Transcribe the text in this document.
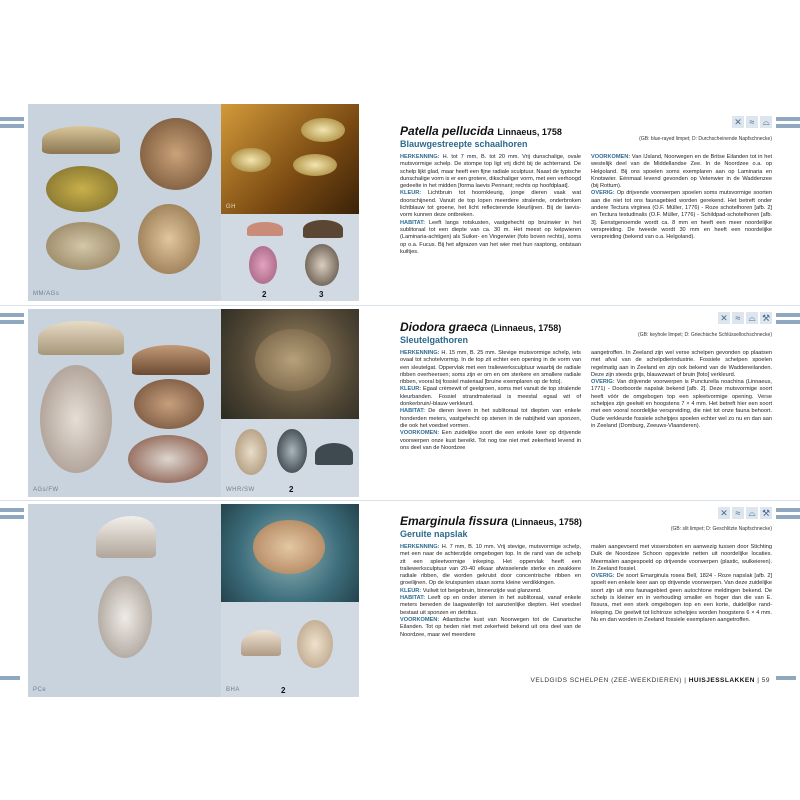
MM/AGs
GH
2	3
AGs/FW	2
WHR/SW
PCe	2
BHA
✕ ≈ ⌓
Patella pellucida Linnaeus, 1758
Blauwgestreepte schaalhoren	(GB: blue-rayed limpet; D: Durchscheinende Napfschnecke)

HERKENNING: H. tot 7 mm, B. tot 20 mm. Vrij dunschalige, ovale mutsvormige schelp. De stompe top ligt vrij dicht bij de achterrand. De schelp lijkt glad, maar heeft een fijne radiale sculptuur. Naast de typische dunschalige vorm is er een grotere, dikschaliger vorm, met een verhoogd gedeelte in het midden [forma laevis Pennant; rechts op hoofdplaat].

KLEUR: Lichtbruin tot hoornkleurig, jonge dieren vaak wat doorschijnend. Vanuit de top lopen meerdere stralende, onderbroken lichtblauw tot groene, het licht reflecterende kleurlijnen. Bij de laevis-vorm kunnen deze ontbreken.

HABITAT: Leeft langs rotskusten, vastgehecht op bruinwier in het sublitoraal tot een diepte van ca. 30 m. Het meest op kelpwieren (Laminaria-achtigen) als Suiker- en Vingerwier (foto boven rechts), soms op o.a. Fucus. Bij het afgrazen van het wier met hun rasptong, ontstaan kuiltjes.

VOORKOMEN: Van IJsland, Noorwegen en de Britse Eilanden tot in het westelijk deel van de Middellandse Zee. In de Noordzee o.a. op Helgoland. Bij ons spoelen soms exemplaren aan op Laminaria en Knotswier. Eénmaal levend gevonden op Vetenwier in de Waddenzee (bij Rottum).

OVERIG: Op drijvende voorwerpen spoelen soms mutsvormige soorten aan die niet tot ons faunagebied worden gerekend. Het betreft onder andere Tectura virginea (O.F. Müller, 1776) - Roze schotelhoren [afb. 2] en Tectura testudinalis (O.F. Müller, 1776) - Schildpad-schotelhoren [afb. 3]. Eenstgenoemde wordt ca. 8 mm en heeft een meer noordelijke verspreiding. De tweede wordt 30 mm en heeft een noordelijke verspreiding (bekend van o.a. Helgoland).

✕ ≈ ⌓ ⚒
Diodora graeca (Linnaeus, 1758)
Sleutelgathoren	(GB: keyhole limpet; D: Griechische Schlüssellochschnecke)

HERKENNING: H. 15 mm, B. 25 mm. Stevige mutsvormige schelp, iets ovaal tot schotelvormig. In de top zit echter een opening in de vorm van een sleutelgat. Oppervlak met een traliewerksculptuur waarbij de radiale ribben overheersen; soms zijn er om en om sterkere en smallere radiale ribben, vooral bij fossiel materiaal [bruine exemplaren op de foto].

KLEUR: Egaal crèmewit of geelgroen, soms met vanuit de top stralende kleurbanden. Fossiel strandmateriaal is meestal egaal wit of donkerbruin/-blauw verkleurd.

HABITAT: De dieren leven in het sublitoraal tot diepten van enkele honderden meters, vastgehecht op stenen in de nabijheid van sponzen, die ook het voedsel vormen.

VOORKOMEN: Een zuidelijke soort die een enkele keer op drijvende voorwerpen onze kust bereikt. Tot nog toe niet met zekerheid levend in ons deel van de Noordzee

aangetroffen. In Zeeland zijn wel verse schelpen gevonden op plaatsen met afval van de schelpdierindustrie. Fossiele schelpen spoelen regelmatig aan in Zeeland en zijn ook bekend van de Waddeneilanden. Deze zijn steeds grijs, blauwzwart of bruin [foto] verkleurd.

OVERIG: Van drijvende voorwerpen is Puncturella noachina (Linnaeus, 1771) - Doorboorde napslak bekend [afb. 2]. Deze mutsvormige soort heeft vóór de omgebogen top een spleetvormige opening. Verse schelpjes zijn geelwit en hoogstens 7 × 4 mm. Het betreft hier een soort met een vooral noordelijke verspreiding, die niet tot onze fauna behoort. Oude verkleurde fossiele schelpjes spoelen echter wel zo nu en dan aan in Zeeland (Domburg, Zeeuws-Vlaanderen).

✕ ≈ ⌓ ⚒
Emarginula fissura (Linnaeus, 1758)
Geruite napslak	(GB: slit limpet; D: Geschlitzte Napfschnecke)

HERKENNING: H. 7 mm, B. 10 mm. Vrij stevige, mutsvormige schelp, met een naar de achterzijde omgebogen top. In de rand van de schelp zit een spleetvormige inkeping. Het oppervlak heeft een traliewerksculptuur van 20-40 elkaar afwisselende sterke en zwakkere radiale ribben, die worden gekruist door concentrische ribben en groeilijnen. Op de kruispunten staan soms kleine verdikkingen.

KLEUR: Vuilwit tot beigebruin, binnenzijde wat glanzend.

HABITAT: Leeft op en onder stenen in het sublitoraal, vanaf enkele meters beneden de laagwaterlijn tot aanzienlijke diepten. Het voedsel bestaat uit sponzen en detritus.

VOORKOMEN: Atlantische kust van Noorwegen tot de Canarische Eilanden. Tot op heden niet met zekerheid bekend uit ons deel van de Noordzee, maar wel meerdere

malen aangevoerd met vissersboten en aanwezig tussen door Stichting Duik de Noordzee Schoon opgeviste netten uit noordelijke locaties. Meermalen aangespoeld op drijvende voorwerpen (plastic, wulkeieren). In Zeeland fossiel.

OVERIG: De soort Emarginula rosea Bell, 1824 - Roze napslak [afb. 2] spoelt een enkele keer aan op drijvende voorwerpen. Van deze zuidelijke soort zijn uit ons faunagebied geen autochtone meldingen bekend. De schelp is kleiner en in verhouding smaller en hoger dan die van E. fissura, met een sterk omgebogen top en een korte, duidelijke rand-inkeping. De geelwit tot lichtroze schelpjes worden hoogstens 6 × 4 mm. Nu en dan worden in Zeeland fossiele exemplaren aangetroffen.

VELDGIDS SCHELPEN (ZEE-WEEKDIEREN) | HUISJESSLAKKEN | 59
